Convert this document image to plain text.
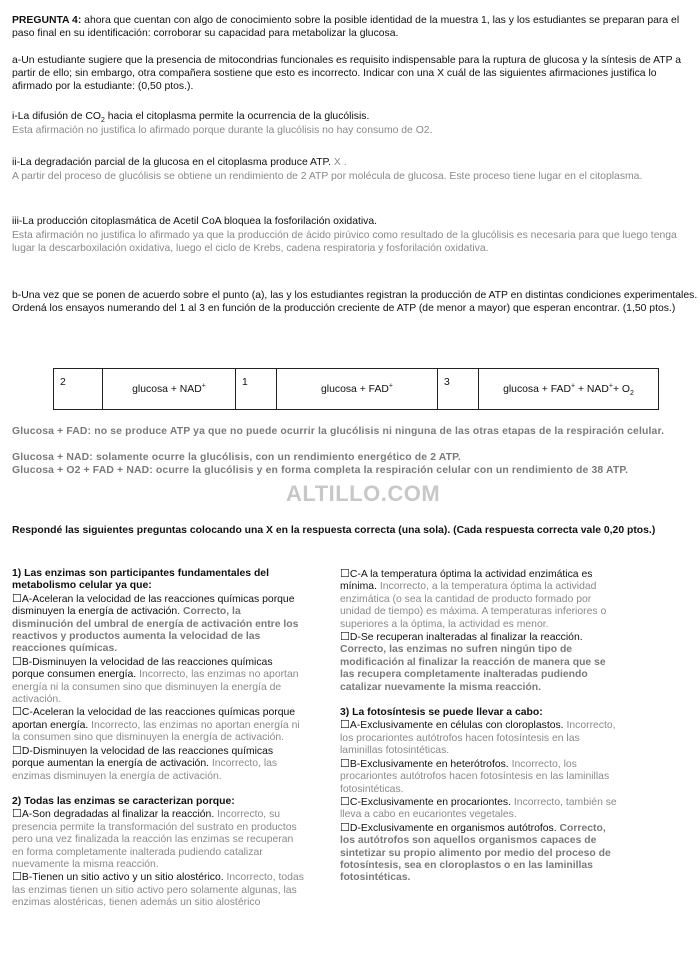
PREGUNTA 4: ahora que cuentan con algo de conocimiento sobre la posible identidad de la muestra 1, las y los estudiantes se preparan para el paso final en su identificación: corroborar su capacidad para metabolizar la glucosa.
a-Un estudiante sugiere que la presencia de mitocondrias funcionales es requisito indispensable para la ruptura de glucosa y la síntesis de ATP a partir de ello; sin embargo, otra compañera sostiene que esto es incorrecto. Indicar con una X cuál de las siguientes afirmaciones justifica lo afirmado por la estudiante: (0,50 ptos.).
i-La difusión de $CO_2$ hacia el citoplasma permite la ocurrencia de la glucólisis.
Esta afirmación no justifica lo afirmado porque durante la glucólisis no hay consumo de O2.
ii-La degradación parcial de la glucosa en el citoplasma produce ATP. X .
A partir del proceso de glucólisis se obtiene un rendimiento de 2 ATP por molécula de glucosa. Este proceso tiene lugar en el citoplasma.
iii-La producción citoplasmática de Acetil CoA bloquea la fosforilación oxidativa.
Esta afirmación no justifica lo afirmado ya que la producción de ácido pirúvico como resultado de la glucólisis es necesaria para que luego tenga lugar la descarboxilación oxidativa, luego el ciclo de Krebs, cadena respiratoria y fosforilación oxidativa.
b-Una vez que se ponen de acuerdo sobre el punto (a), las y los estudiantes registran la producción de ATP en distintas condiciones experimentales. Ordená los ensayos numerando del 1 al 3 en función de la producción creciente de ATP (de menor a mayor) que esperan encontrar. (1,50 ptos.)
2	glucosa + NAD+	1	glucosa + FAD+	3	$glucosa + FAD^+ + NAD^++ O_2$
Glucosa + FAD: no se produce ATP ya que no puede ocurrir la glucólisis ni ninguna de las otras etapas de la respiración celular.
Glucosa + NAD: solamente ocurre la glucólisis, con un rendimiento energético de 2 ATP.
Glucosa + O2 + FAD + NAD: ocurre la glucólisis y en forma completa la respiración celular con un rendimiento de 38 ATP.
ALTILLO.COM
Respondé las siguientes preguntas colocando una X en la respuesta correcta (una sola). (Cada respuesta correcta vale 0,20 ptos.)

1) Las enzimas son participantes fundamentales del metabolismo celular ya que:

☐A-Aceleran la velocidad de las reacciones químicas porque disminuyen la energía de activación. Correcto, la disminución del umbral de energía de activación entre los reactivos y productos aumenta la velocidad de las reacciones químicas.

☐B-Disminuyen la velocidad de las reacciones químicas porque consumen energía. Incorrecto, las enzimas no aportan energía ni la consumen sino que disminuyen la energía de activación.

☐C-Aceleran la velocidad de las reacciones químicas porque aportan energía. Incorrecto, las enzimas no aportan energía ni la consumen sino que disminuyen la energía de activación.

☐D-Disminuyen la velocidad de las reacciones químicas porque aumentan la energía de activación. Incorrecto, las enzimas disminuyen la energía de activación.

2) Todas las enzimas se caracterizan porque:

☐A-Son degradadas al finalizar la reacción. Incorrecto, su presencia permite la transformación del sustrato en productos pero una vez finalizada la reacción las enzimas se recuperan en forma completamente inalterada pudiendo catalizar nuevamente la misma reacción.

☐B-Tienen un sitio activo y un sitio alostérico. Incorrecto, todas las enzimas tienen un sitio activo pero solamente algunas, las enzimas alostéricas, tienen además un sitio alostérico

☐C-A la temperatura óptima la actividad enzimática es mínima. Incorrecto, a la temperatura óptima la actividad enzimática (o sea la cantidad de producto formado por unidad de tiempo) es máxima. A temperaturas inferiores o superiores a la óptima, la actividad es menor.

☐D-Se recuperan inalteradas al finalizar la reacción. Correcto, las enzimas no sufren ningún tipo de modificación al finalizar la reacción de manera que se las recupera completamente inalteradas pudiendo catalizar nuevamente la misma reacción.

3) La fotosíntesis se puede llevar a cabo:

☐A-Exclusivamente en células con cloroplastos. Incorrecto, los procariontes autótrofos hacen fotosíntesis en las laminillas fotosintéticas.

☐B-Exclusivamente en heterótrofos. Incorrecto, los procariontes autótrofos hacen fotosíntesis en las laminillas fotosintéticas.

☐C-Exclusivamente en procariontes. Incorrecto, también se lleva a cabo en eucariontes vegetales.

☐D-Exclusivamente en organismos autótrofos. Correcto, los autótrofos son aquellos organismos capaces de sintetizar su propio alimento por medio del proceso de fotosíntesis, sea en cloroplastos o en las laminillas fotosintéticas.
